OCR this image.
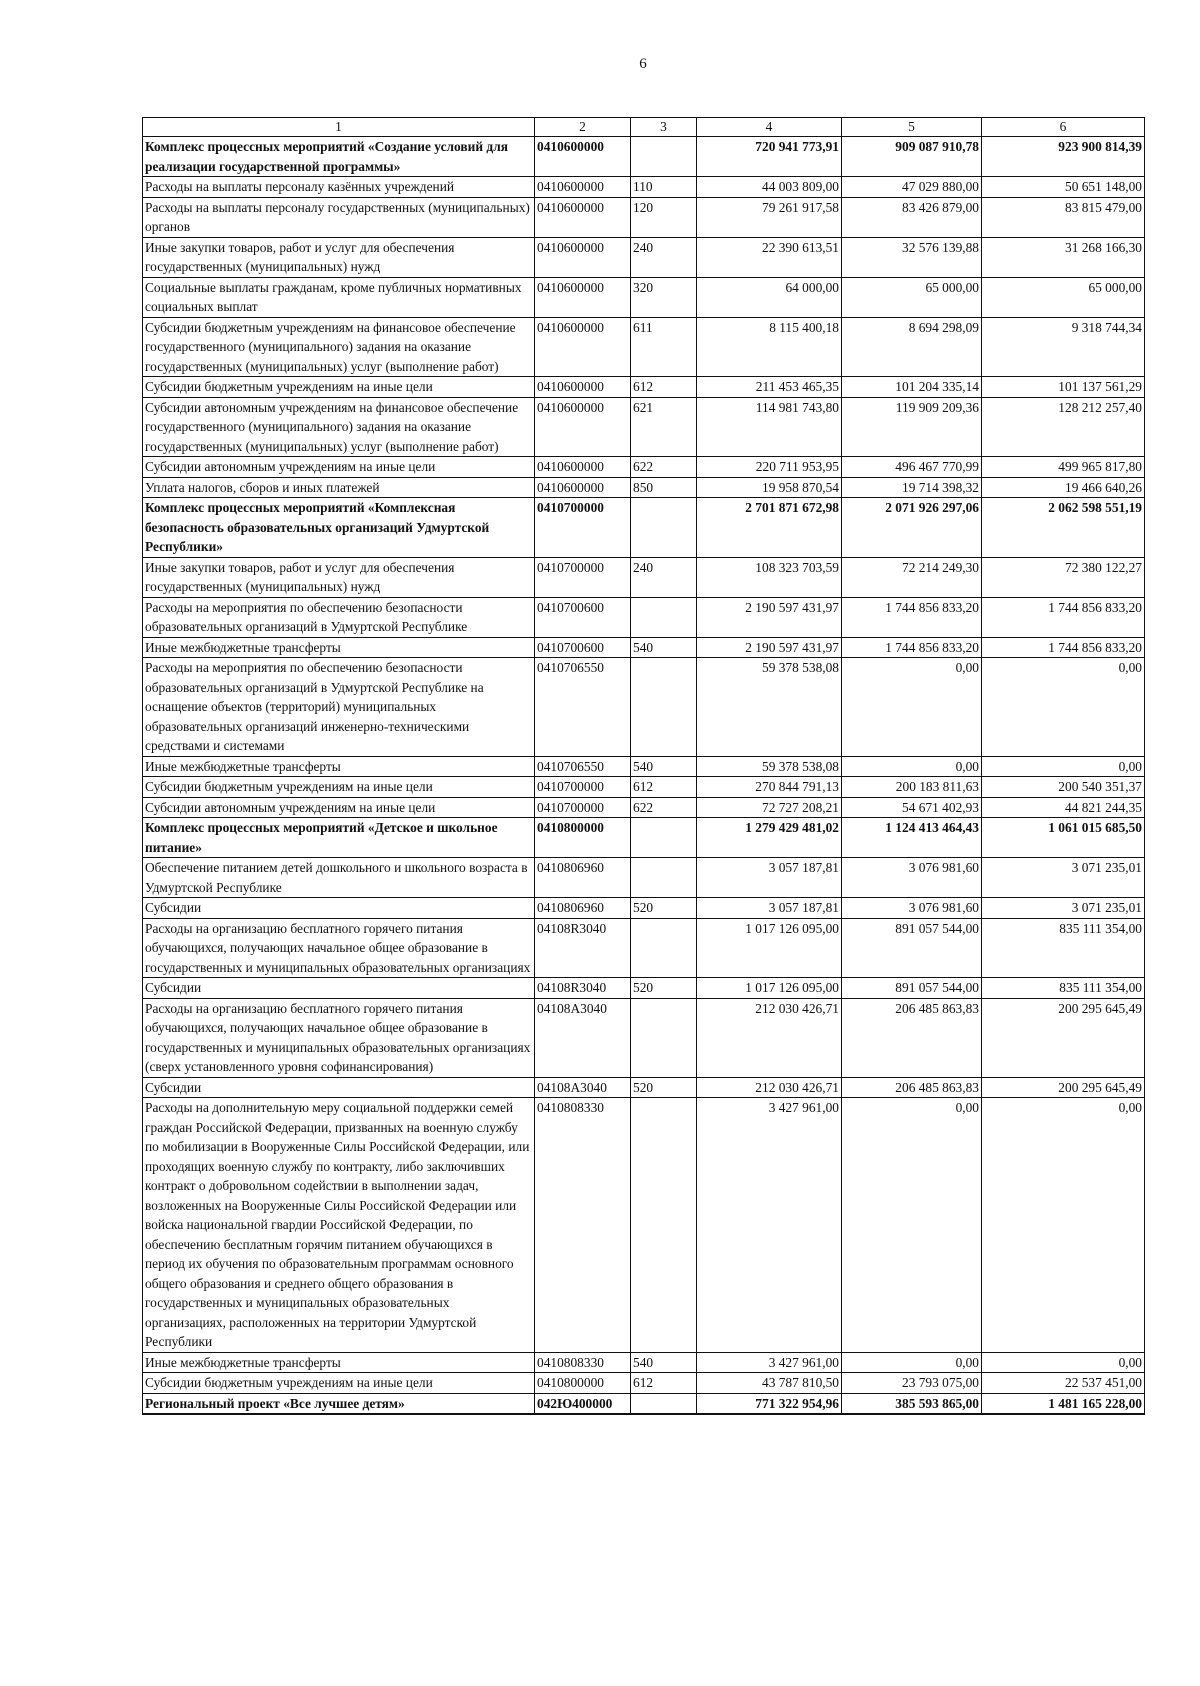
6
1	2	3	4	5	6
Комплекс процессных мероприятий «Создание условий для реализации государственной программы»	0410600000		720 941 773,91	909 087 910,78	923 900 814,39
Расходы на выплаты персоналу казённых учреждений	0410600000	110	44 003 809,00	47 029 880,00	50 651 148,00
Расходы на выплаты персоналу государственных (муниципальных) органов	0410600000	120	79 261 917,58	83 426 879,00	83 815 479,00
Иные закупки товаров, работ и услуг для обеспечения государственных (муниципальных) нужд	0410600000	240	22 390 613,51	32 576 139,88	31 268 166,30
Социальные выплаты гражданам, кроме публичных нормативных социальных выплат	0410600000	320	64 000,00	65 000,00	65 000,00
Субсидии бюджетным учреждениям на финансовое обеспечение государственного (муниципального) задания на оказание государственных (муниципальных) услуг (выполнение работ)	0410600000	611	8 115 400,18	8 694 298,09	9 318 744,34
Субсидии бюджетным учреждениям на иные цели	0410600000	612	211 453 465,35	101 204 335,14	101 137 561,29
Субсидии автономным учреждениям на финансовое обеспечение государственного (муниципального) задания на оказание государственных (муниципальных) услуг (выполнение работ)	0410600000	621	114 981 743,80	119 909 209,36	128 212 257,40
Субсидии автономным учреждениям на иные цели	0410600000	622	220 711 953,95	496 467 770,99	499 965 817,80
Уплата налогов, сборов и иных платежей	0410600000	850	19 958 870,54	19 714 398,32	19 466 640,26
Комплекс процессных мероприятий «Комплексная безопасность образовательных организаций Удмуртской Республики»	0410700000		2 701 871 672,98	2 071 926 297,06	2 062 598 551,19
Иные закупки товаров, работ и услуг для обеспечения государственных (муниципальных) нужд	0410700000	240	108 323 703,59	72 214 249,30	72 380 122,27
Расходы на мероприятия по обеспечению безопасности образовательных организаций в Удмуртской Республике	0410700600		2 190 597 431,97	1 744 856 833,20	1 744 856 833,20
Иные межбюджетные трансферты	0410700600	540	2 190 597 431,97	1 744 856 833,20	1 744 856 833,20
Расходы на мероприятия по обеспечению безопасности образовательных организаций в Удмуртской Республике на оснащение объектов (территорий) муниципальных образовательных организаций инженерно-техническими средствами и системами	0410706550		59 378 538,08	0,00	0,00
Иные межбюджетные трансферты	0410706550	540	59 378 538,08	0,00	0,00
Субсидии бюджетным учреждениям на иные цели	0410700000	612	270 844 791,13	200 183 811,63	200 540 351,37
Субсидии автономным учреждениям на иные цели	0410700000	622	72 727 208,21	54 671 402,93	44 821 244,35
Комплекс процессных мероприятий «Детское и школьное питание»	0410800000		1 279 429 481,02	1 124 413 464,43	1 061 015 685,50
Обеспечение питанием детей дошкольного и школьного возраста в Удмуртской Республике	0410806960		3 057 187,81	3 076 981,60	3 071 235,01
Субсидии	0410806960	520	3 057 187,81	3 076 981,60	3 071 235,01
Расходы на организацию бесплатного горячего питания обучающихся, получающих начальное общее образование в государственных и муниципальных образовательных организациях	04108R3040		1 017 126 095,00	891 057 544,00	835 111 354,00
Субсидии	04108R3040	520	1 017 126 095,00	891 057 544,00	835 111 354,00
Расходы на организацию бесплатного горячего питания обучающихся, получающих начальное общее образование в государственных и муниципальных образовательных организациях (сверх установленного уровня софинансирования)	04108A3040		212 030 426,71	206 485 863,83	200 295 645,49
Субсидии	04108A3040	520	212 030 426,71	206 485 863,83	200 295 645,49
Расходы на дополнительную меру социальной поддержки семей граждан Российской Федерации, призванных на военную службу по мобилизации в Вооруженные Силы Российской Федерации, или проходящих военную службу по контракту, либо заключивших контракт о добровольном содействии в выполнении задач, возложенных на Вооруженные Силы Российской Федерации или войска национальной гвардии Российской Федерации, по обеспечению бесплатным горячим питанием обучающихся в период их обучения по образовательным программам основного общего образования и среднего общего образования в государственных и муниципальных образовательных организациях, расположенных на территории Удмуртской Республики	0410808330		3 427 961,00	0,00	0,00
Иные межбюджетные трансферты	0410808330	540	3 427 961,00	0,00	0,00
Субсидии бюджетным учреждениям на иные цели	0410800000	612	43 787 810,50	23 793 075,00	22 537 451,00
Региональный проект «Все лучшее детям»	042Ю400000		771 322 954,96	385 593 865,00	1 481 165 228,00
